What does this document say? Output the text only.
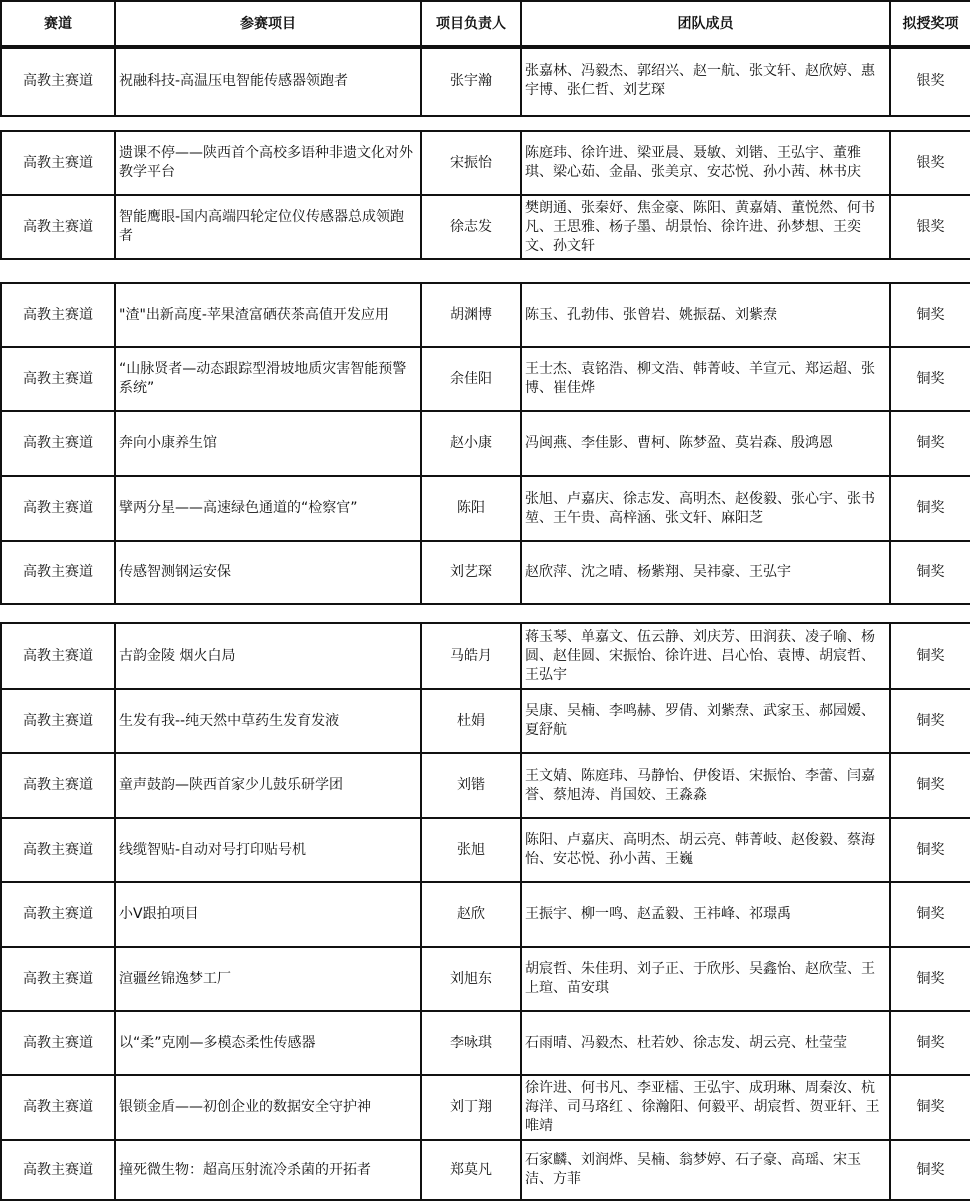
赛道	参赛项目	项目负责人	团队成员	拟授奖项
高教主赛道	祝融科技-高温压电智能传感器领跑者	张宇瀚	张嘉林、冯毅杰、郭绍兴、赵一航、张文轩、赵欣婷、惠宇博、张仁哲、刘艺琛	银奖
高教主赛道	遗课不停——陕西首个高校多语种非遗文化对外教学平台	宋振怡	陈庭玮、徐许进、梁亚晨、聂敏、刘锴、王弘宇、董雅琪、梁心茹、金晶、张美京、安芯悦、孙小茜、林书庆	银奖
高教主赛道	智能鹰眼-国内高端四轮定位仪传感器总成领跑者	徐志发	樊朗通、张秦妤、焦金豪、陈阳、黄嘉婧、董悦然、何书凡、王思雅、杨子墨、胡景怡、徐许进、孙梦想、王奕文、孙文轩	银奖
高教主赛道	"渣"出新高度-苹果渣富硒茯茶高值开发应用	胡渊博	陈玉、孔勃伟、张曾岩、姚振磊、刘紫焘	铜奖
高教主赛道	“山脉贤者—动态跟踪型滑坡地质灾害智能预警系统”	余佳阳	王士杰、袁铭浩、柳文浩、韩菁岐、羊宣元、郑运超、张博、崔佳烨	铜奖
高教主赛道	奔向小康养生馆	赵小康	冯闽燕、李佳影、曹柯、陈梦盈、莫岩森、殷鸿恩	铜奖
高教主赛道	擘两分星——高速绿色通道的“检察官”	陈阳	张旭、卢嘉庆、徐志发、高明杰、赵俊毅、张心宇、张书堃、王午贵、高梓涵、张文轩、麻阳芝	铜奖
高教主赛道	传感智测钢运安保	刘艺琛	赵欣萍、沈之晴、杨紫翔、吴祎豪、王弘宇	铜奖
高教主赛道	古韵金陵 烟火白局	马皓月	蒋玉琴、单嘉文、伍云静、刘庆芳、田润获、凌子喻、杨圆、赵佳圆、宋振怡、徐许进、吕心怡、袁博、胡宸哲、王弘宇	铜奖
高教主赛道	生发有我--纯天然中草药生发育发液	杜娟	吴康、吴楠、李鸣赫、罗倩、刘紫焘、武家玉、郝园嫒、夏舒航	铜奖
高教主赛道	童声鼓韵—陕西首家少儿鼓乐研学团	刘锴	王文婧、陈庭玮、马静怡、伊俊语、宋振怡、李蕾、闫嘉誉、蔡旭涛、肖国姣、王淼淼	铜奖
高教主赛道	线缆智贴-自动对号打印贴号机	张旭	陈阳、卢嘉庆、高明杰、胡云亮、韩菁岐、赵俊毅、蔡海怡、安芯悦、孙小茜、王巍	铜奖
高教主赛道	小V跟拍项目	赵欣	王振宇、柳一鸣、赵孟毅、王祎峰、祁璟禹	铜奖
高教主赛道	渲疆丝锦逸梦工厂	刘旭东	胡宸哲、朱佳玥、刘子正、于欣彤、吴鑫怡、赵欣莹、王上瑄、苗安琪	铜奖
高教主赛道	以“柔”克刚—多模态柔性传感器	李咏琪	石雨晴、冯毅杰、杜若妙、徐志发、胡云亮、杜莹莹	铜奖
高教主赛道	银锁金盾——初创企业的数据安全守护神	刘丁翔	徐许进、何书凡、李亚檑、王弘宇、成玥琳、周秦汝、杭海洋、司马珞红 、徐瀚阳、何毅平、胡宸哲、贺亚轩、王唯靖	铜奖
高教主赛道	撞死微生物：超高压射流冷杀菌的开拓者	郑莫凡	石家麟、刘润烨、吴楠、翁梦婷、石子豪、高瑶、宋玉洁、方菲	铜奖
